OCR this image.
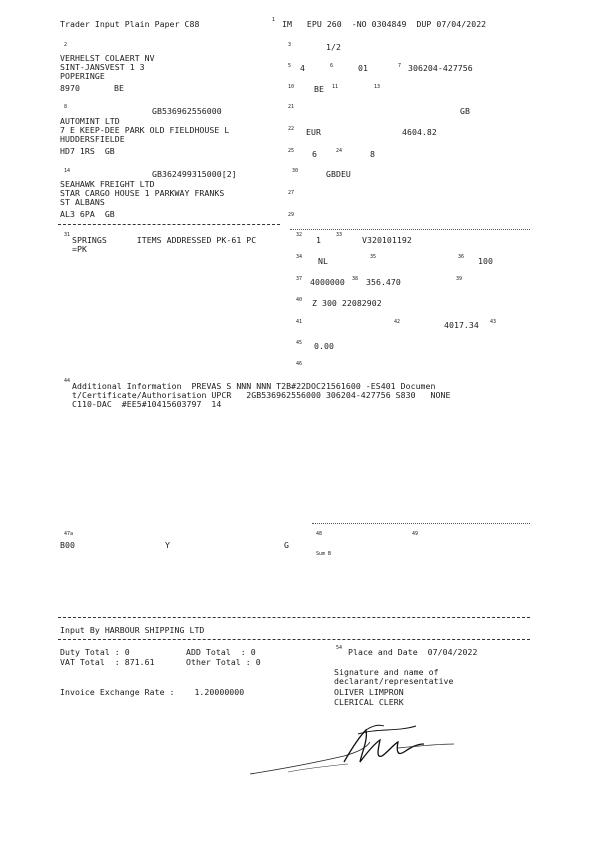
Trader Input Plain Paper C88	1 IM   EPU 260  -NO 0304849  DUP 07/04/2022
2
VERHELST COLAERT NV
SINT-JANSVEST 1 3
POPERINGE
8970	BE
3	1/2
5 4	6	01	7 306204-427756
10 BE 11	13
8	GB536962556000
AUTOMINT LTD
7 E KEEP-DEE PARK OLD FIELDHOUSE L
HUDDERSFIELDE
HD7 1RS  GB
21	GB
22 EUR	4604.82
25 6	24	8
14	GB362499315000[2]
SEAHAWK FREIGHT LTD
STAR CARGO HOUSE 1 PARKWAY FRANKS
ST ALBANS
AL3 6PA  GB
30	GBDEU
27
29
31 SPRINGS      ITEMS ADDRESSED PK-61 PC
=PK
32 1	33 V320101192
34 NL	35	36 100
37 4000000 38 356.470	39
40 Z 300 22082902
41	42	4017.34 43
45 0.00
46
44 Additional Information  PREVAS S NNN NNN T2B#22DOC21561600 -ES401 Documen
t/Certificate/Authorisation UPCR   2GB536962556000 306204-427756 S830   NONE
C110-DAC  #EE5#10415603797  14
47a	48	49
B00	Y	G
Sum B
Input By HARBOUR SHIPPING LTD
Duty Total : 0	ADD Total  : 0
VAT Total  : 871.61	Other Total : 0
Invoice Exchange Rate :    1.20000000
54 Place and Date  07/04/2022
Signature and name of
declarant/representative
OLIVER LIMPRON
CLERICAL CLERK
